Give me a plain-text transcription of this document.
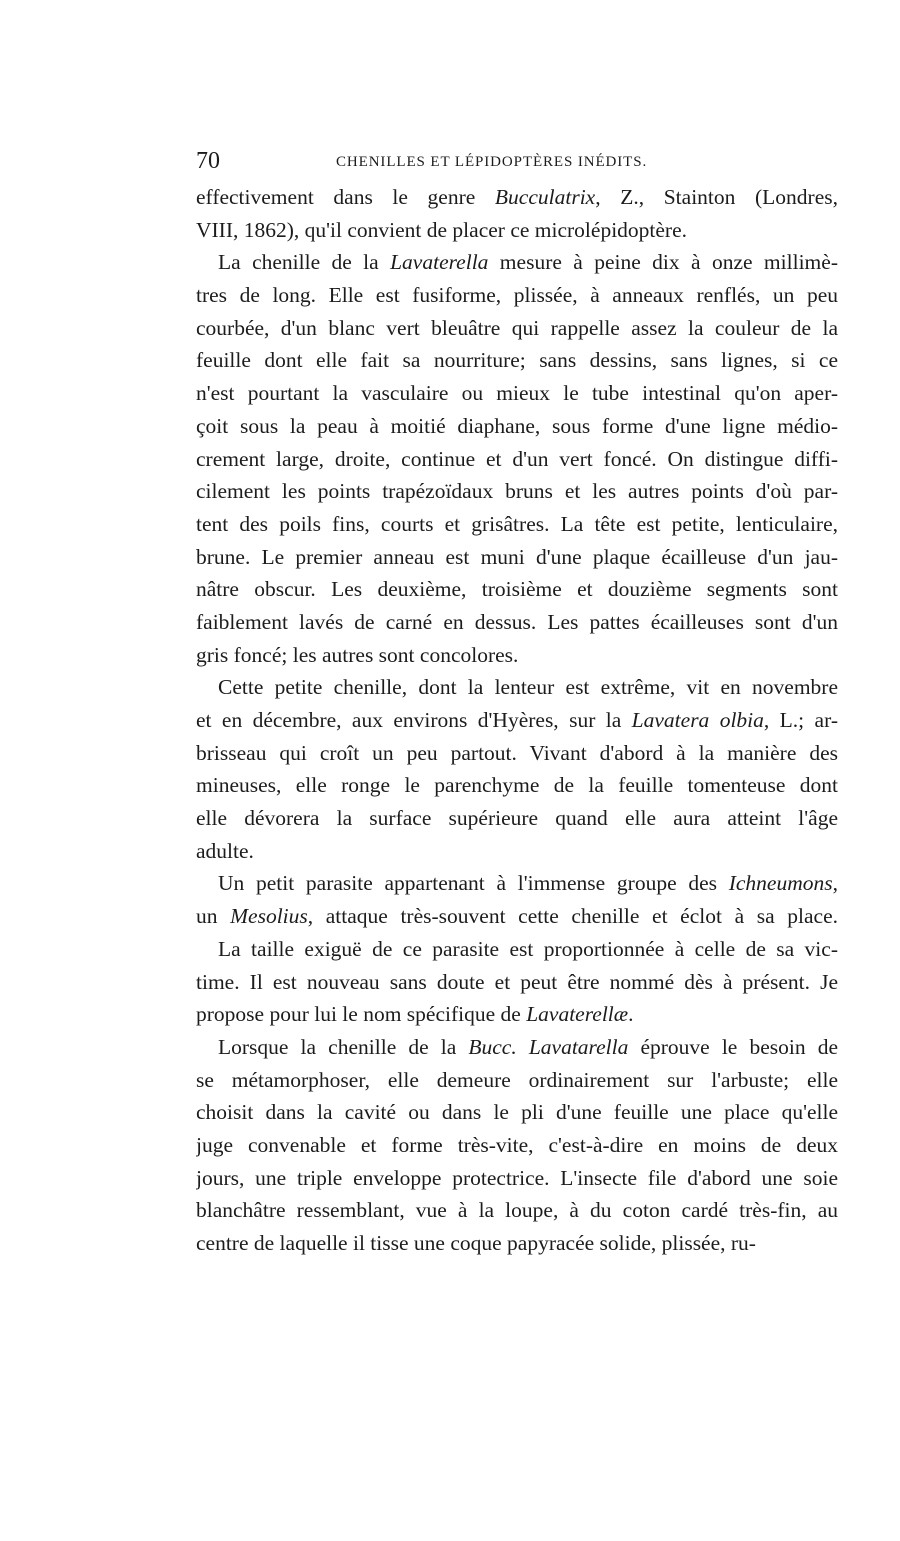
70	CHENILLES ET LÉPIDOPTÈRES INÉDITS.
effectivement dans le genre Bucculatrix, Z., Stainton (Londres,
VIII, 1862), qu'il convient de placer ce microlépidoptère.
La chenille de la Lavaterella mesure à peine dix à onze millimè-
tres de long. Elle est fusiforme, plissée, à anneaux renflés, un peu
courbée, d'un blanc vert bleuâtre qui rappelle assez la couleur de la
feuille dont elle fait sa nourriture; sans dessins, sans lignes, si ce
n'est pourtant la vasculaire ou mieux le tube intestinal qu'on aper-
çoit sous la peau à moitié diaphane, sous forme d'une ligne médio-
crement large, droite, continue et d'un vert foncé. On distingue diffi-
cilement les points trapézoïdaux bruns et les autres points d'où par-
tent des poils fins, courts et grisâtres. La tête est petite, lenticulaire,
brune. Le premier anneau est muni d'une plaque écailleuse d'un jau-
nâtre obscur. Les deuxième, troisième et douzième segments sont
faiblement lavés de carné en dessus. Les pattes écailleuses sont d'un
gris foncé; les autres sont concolores.
Cette petite chenille, dont la lenteur est extrême, vit en novembre
et en décembre, aux environs d'Hyères, sur la Lavatera olbia, L.; ar-
brisseau qui croît un peu partout. Vivant d'abord à la manière des
mineuses, elle ronge le parenchyme de la feuille tomenteuse dont
elle dévorera la surface supérieure quand elle aura atteint l'âge
adulte.
Un petit parasite appartenant à l'immense groupe des Ichneumons,
un Mesolius, attaque très-souvent cette chenille et éclot à sa place.
La taille exiguë de ce parasite est proportionnée à celle de sa vic-
time. Il est nouveau sans doute et peut être nommé dès à présent. Je
propose pour lui le nom spécifique de Lavaterellæ.
Lorsque la chenille de la Bucc. Lavatarella éprouve le besoin de
se métamorphoser, elle demeure ordinairement sur l'arbuste; elle
choisit dans la cavité ou dans le pli d'une feuille une place qu'elle
juge convenable et forme très-vite, c'est-à-dire en moins de deux
jours, une triple enveloppe protectrice. L'insecte file d'abord une soie
blanchâtre ressemblant, vue à la loupe, à du coton cardé très-fin, au
centre de laquelle il tisse une coque papyracée solide, plissée, ru-
